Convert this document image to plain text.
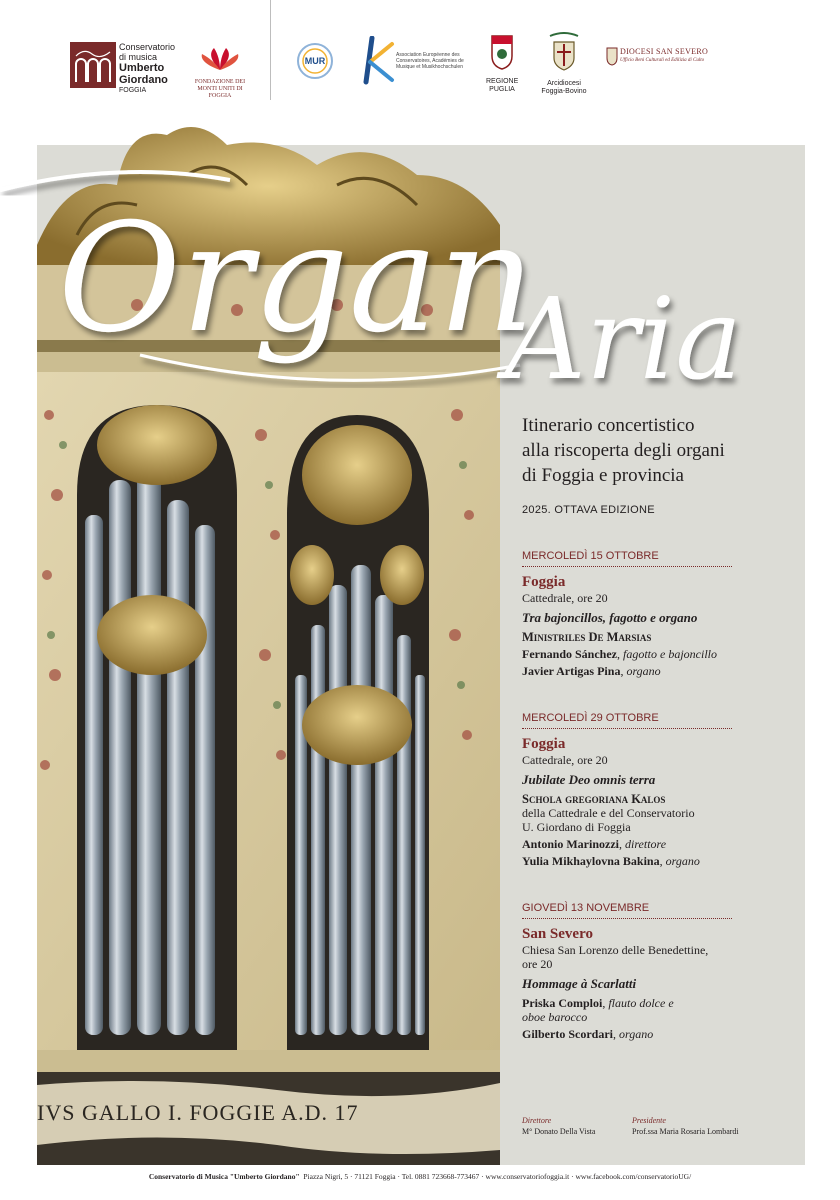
Conservatorio
di musica
Umberto
Giordano
FOGGIA
FONDAZIONE DEI MONTI UNITI DI FOGGIA
MUR
Association Européenne des Conservatoires, Académies de Musique et Musikhochschulen
REGIONE
PUGLIA
Arcidiocesi
Foggia-Bovino
DIOCESI SAN SEVERO
Ufficio Beni Culturali ed Edilizia di Culto
IVS GALLO I. FOGGIE A.D. 17
Organ
Aria
Itinerario concertistico
alla riscoperta degli organi
di Foggia e provincia
2025. OTTAVA EDIZIONE
MERCOLEDÌ 15 OTTOBRE
Foggia
Cattedrale, ore 20
Tra bajoncillos, fagotto e organo
Ministriles De Marsias
Fernando Sánchez, fagotto e bajoncillo
Javier Artigas Pina, organo
MERCOLEDÌ 29 OTTOBRE
Foggia
Cattedrale, ore 20
Jubilate Deo omnis terra
Schola gregoriana Kalos
della Cattedrale e del Conservatorio
U. Giordano di Foggia
Antonio Marinozzi, direttore
Yulia Mikhaylovna Bakina, organo
GIOVEDÌ 13 NOVEMBRE
San Severo
Chiesa San Lorenzo delle Benedettine,
ore 20
Hommage à Scarlatti
Priska Comploi, flauto dolce e
oboe barocco
Gilberto Scordari, organo
Direttore
M° Donato Della Vista
Presidente
Prof.ssa Maria Rosaria Lombardi
Conservatorio di Musica "Umberto Giordano" Piazza Nigri, 5 · 71121 Foggia · Tel. 0881 723668-773467 · www.conservatoriofoggia.it · www.facebook.com/conservatorioUG/
